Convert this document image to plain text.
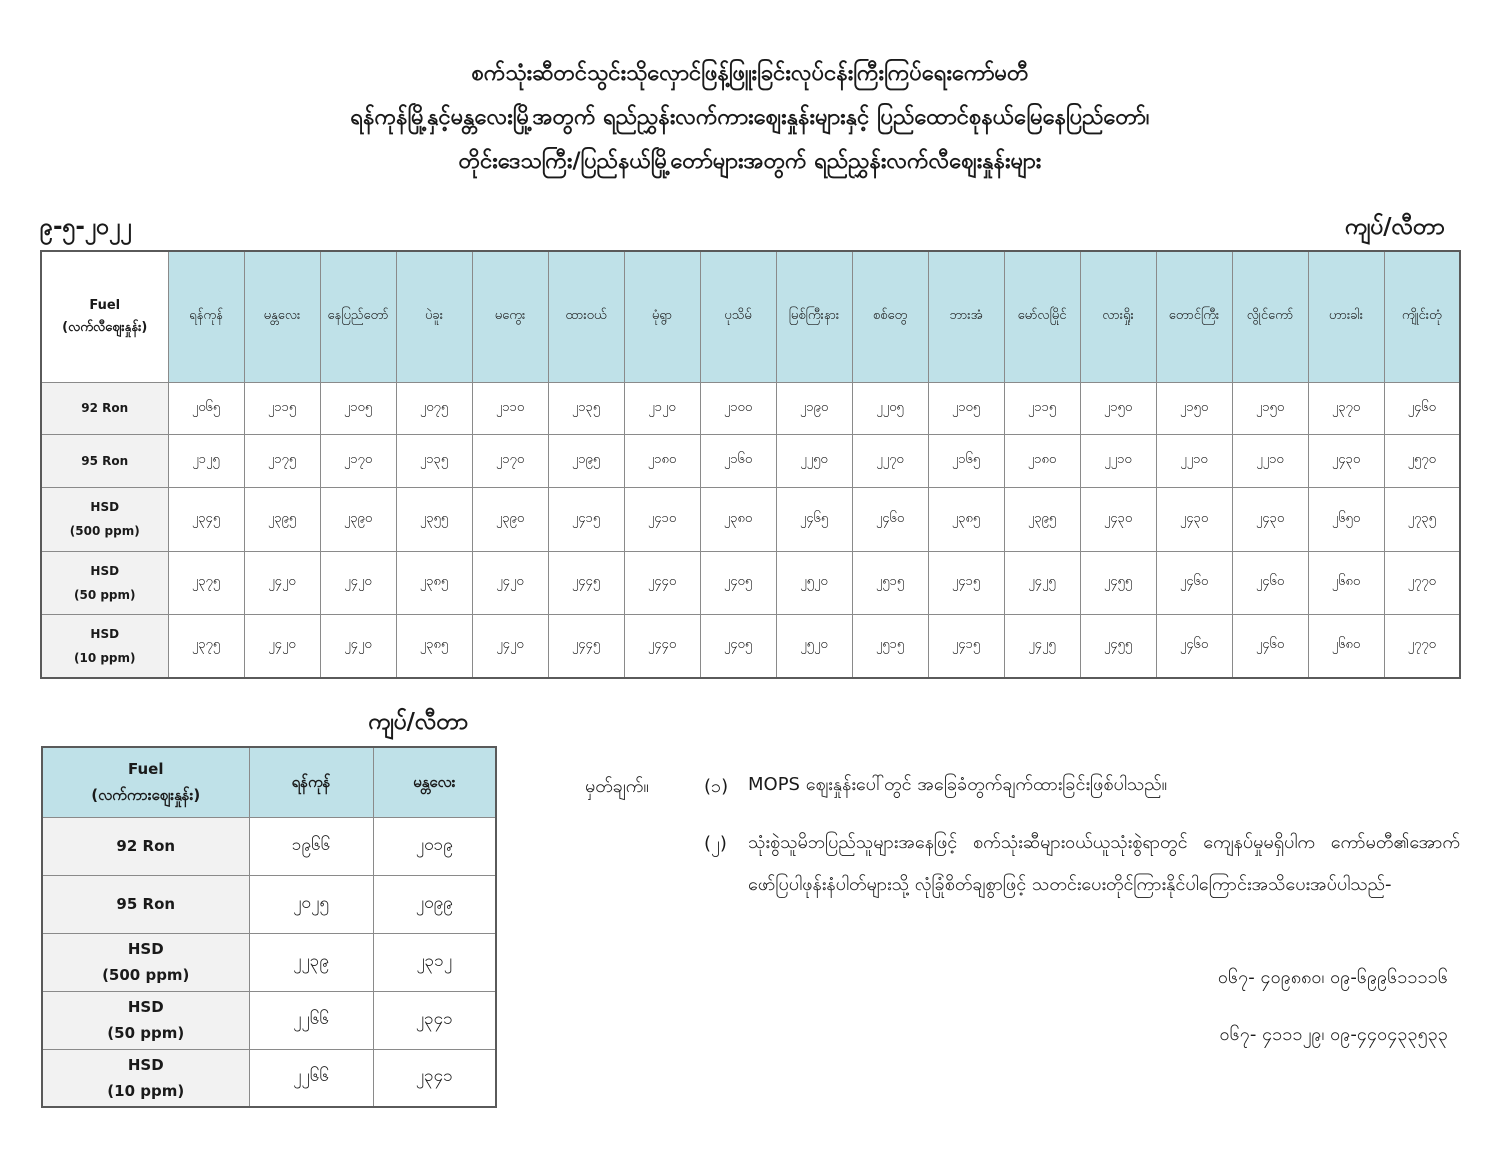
စက်သုံးဆီတင်သွင်းသိုလှောင်ဖြန့်ဖြူးခြင်းလုပ်ငန်းကြီးကြပ်ရေးကော်မတီ
ရန်ကုန်မြို့နှင့်မန္တလေးမြို့အတွက် ရည်ညွှန်းလက်ကားဈေးနှုန်းများနှင့် ပြည်ထောင်စုနယ်မြေနေပြည်တော်၊
တိုင်းဒေသကြီး/ပြည်နယ်မြို့တော်များအတွက် ရည်ညွှန်းလက်လီဈေးနှုန်းများ
၉-၅-၂၀၂၂	ကျပ်/လီတာ
Fuel
(လက်လီဈေးနှုန်း)	ရန်ကုန်	မန္တလေး	နေပြည်တော်	ပဲခူး	မကွေး	ထားဝယ်	မုံရွာ	ပုသိမ်	မြစ်ကြီးနား	စစ်တွေ	ဘားအံ	မော်လမြိုင်	လားရှိုး	တောင်ကြီး	လွိုင်ကော်	ဟားခါး	ကျိုင်းတုံ

92 Ron	၂၀၆၅	၂၁၁၅	၂၁၀၅	၂၀၇၅	၂၁၁၀	၂၁၃၅	၂၁၂၀	၂၁၀၀	၂၁၉၀	၂၂၀၅	၂၁၀၅	၂၁၁၅	၂၁၅၀	၂၁၅၀	၂၁၅၀	၂၃၇၀	၂၄၆၀

95 Ron	၂၁၂၅	၂၁၇၅	၂၁၇၀	၂၁၃၅	၂၁၇၀	၂၁၉၅	၂၁၈၀	၂၁၆၀	၂၂၅၀	၂၂၇၀	၂၁၆၅	၂၁၈၀	၂၂၁၀	၂၂၁၀	၂၂၁၀	၂၄၃၀	၂၅၇၀

HSD
(500 ppm)	၂၃၄၅	၂၃၉၅	၂၃၉၀	၂၃၅၅	၂၃၉၀	၂၄၁၅	၂၄၁၀	၂၃၈၀	၂၄၆၅	၂၄၆၀	၂၃၈၅	၂၃၉၅	၂၄၃၀	၂၄၃၀	၂၄၃၀	၂၆၅၀	၂၇၃၅

HSD
(50 ppm)	၂၃၇၅	၂၄၂၀	၂၄၂၀	၂၃၈၅	၂၄၂၀	၂၄၄၅	၂၄၄၀	၂၄၀၅	၂၅၂၀	၂၅၁၅	၂၄၁၅	၂၄၂၅	၂၄၅၅	၂၄၆၀	၂၄၆၀	၂၆၈၀	၂၇၇၀

HSD
(10 ppm)	၂၃၇၅	၂၄၂၀	၂၄၂၀	၂၃၈၅	၂၄၂၀	၂၄၄၅	၂၄၄၀	၂၄၀၅	၂၅၂၀	၂၅၁၅	၂၄၁၅	၂၄၂၅	၂၄၅၅	၂၄၆၀	၂၄၆၀	၂၆၈၀	၂၇၇၀
ကျပ်/လီတာ
Fuel
(လက်ကားဈေးနှုန်း)	ရန်ကုန်	မန္တလေး

92 Ron	၁၉၆၆	၂၀၁၉

95 Ron	၂၀၂၅	၂၀၉၉

HSD
(500 ppm)	၂၂၃၉	၂၃၁၂

HSD
(50 ppm)	၂၂၆၆	၂၃၄၁

HSD
(10 ppm)	၂၂၆၆	၂၃၄၁
မှတ်ချက်။	(၁) MOPS ဈေးနှုန်းပေါ်တွင် အခြေခံတွက်ချက်ထားခြင်းဖြစ်ပါသည်။
(၂) သုံးစွဲသူမိဘပြည်သူများအနေဖြင့် စက်သုံးဆီများဝယ်ယူသုံးစွဲရာတွင် ကျေနပ်မှုမရှိပါက ကော်မတီ၏အောက်ဖော်ပြပါဖုန်းနံပါတ်များသို့ လုံခြုံစိတ်ချစွာဖြင့် သတင်းပေးတိုင်ကြားနိုင်ပါကြောင်းအသိပေးအပ်ပါသည်-
၀၆၇- ၄၀၉၈၈၀၊ ၀၉-၆၉၉၆၁၁၁၁၆
၀၆၇- ၄၁၁၁၂၉၊ ၀၉-၄၄၀၄၃၃၅၃၃
